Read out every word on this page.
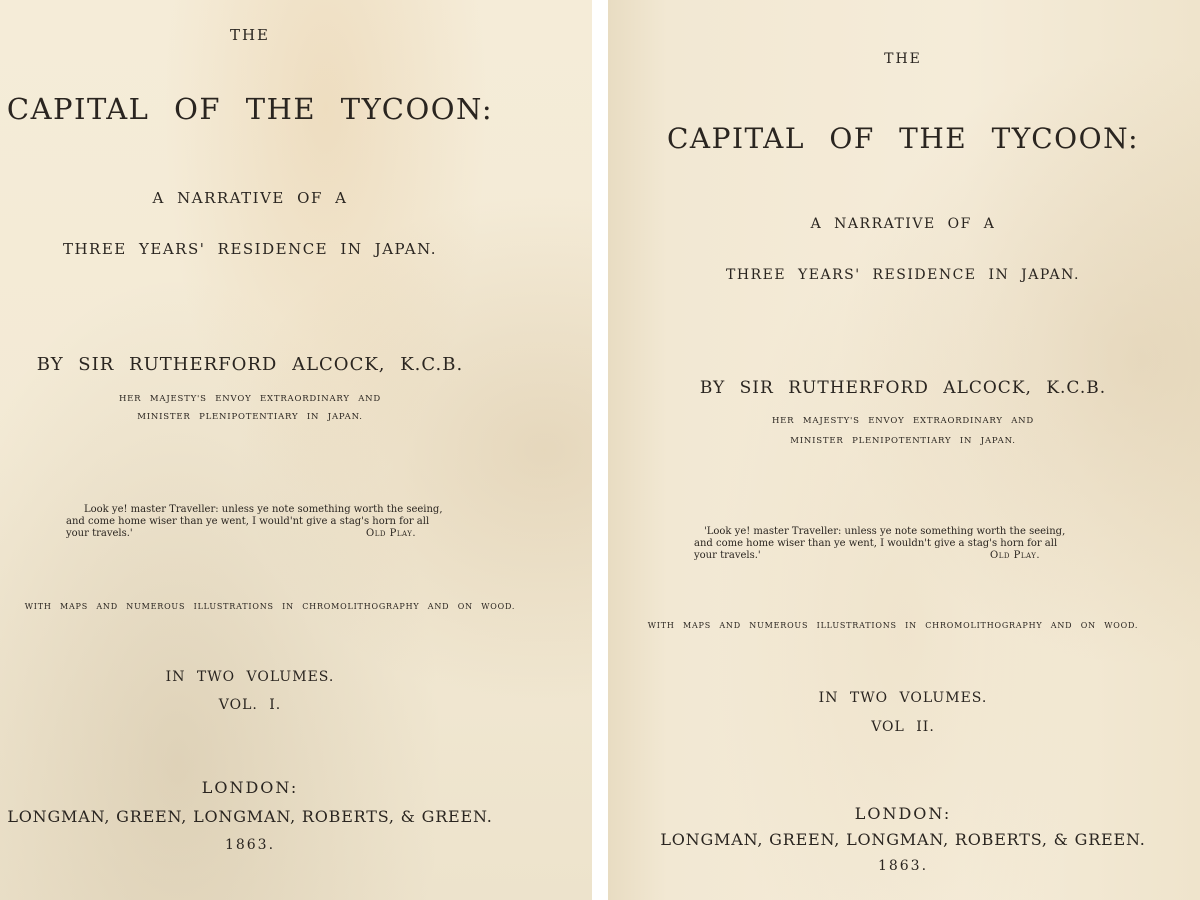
THE
CAPITAL OF THE TYCOON:
A NARRATIVE OF A
THREE YEARS' RESIDENCE IN JAPAN.
BY SIR RUTHERFORD ALCOCK, K.C.B.
HER MAJESTY'S ENVOY EXTRAORDINARY AND
MINISTER PLENIPOTENTIARY IN JAPAN.
Look ye! master Traveller: unless ye note something worth the seeing,
and come home wiser than ye went, I would'nt give a stag's horn for all
your travels.'	Old Play.
WITH MAPS AND NUMEROUS ILLUSTRATIONS IN CHROMOLITHOGRAPHY AND ON WOOD.
IN TWO VOLUMES.
VOL. I.
LONDON:
LONGMAN, GREEN, LONGMAN, ROBERTS, & GREEN.
1863.
THE
CAPITAL OF THE TYCOON:
A NARRATIVE OF A
THREE YEARS' RESIDENCE IN JAPAN.
BY SIR RUTHERFORD ALCOCK, K.C.B.
HER MAJESTY'S ENVOY EXTRAORDINARY AND
MINISTER PLENIPOTENTIARY IN JAPAN.
'Look ye! master Traveller: unless ye note something worth the seeing,
and come home wiser than ye went, I wouldn't give a stag's horn for all
your travels.'	Old Play.
WITH MAPS AND NUMEROUS ILLUSTRATIONS IN CHROMOLITHOGRAPHY AND ON WOOD.
IN TWO VOLUMES.
VOL II.
LONDON:
LONGMAN, GREEN, LONGMAN, ROBERTS, & GREEN.
1863.
